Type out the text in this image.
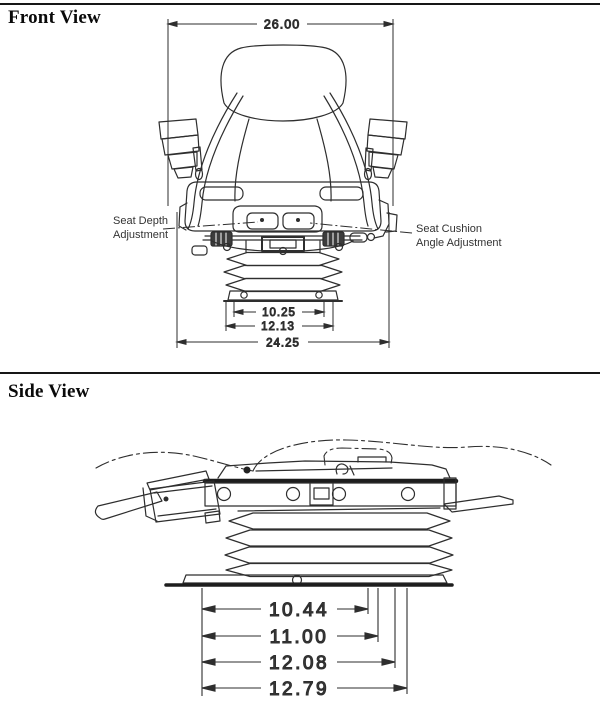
Front View
Side View
Seat Depth
Adjustment	Seat Cushion
Angle Adjustment
26.00
10.25
12.13
24.25
10.44
11.00
12.08
12.79
